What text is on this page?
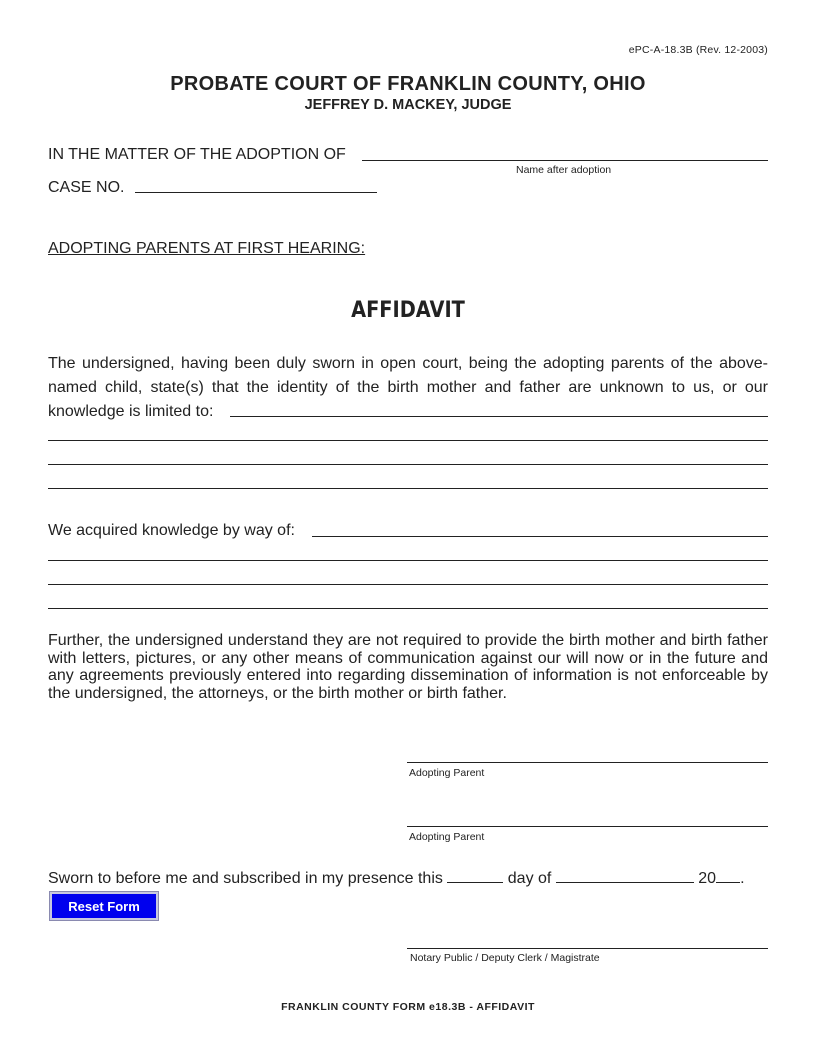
ePC-A-18.3B (Rev. 12-2003)
PROBATE COURT OF FRANKLIN COUNTY, OHIO
JEFFREY D. MACKEY, JUDGE
IN THE MATTER OF THE ADOPTION OF
Name after adoption
CASE NO.
ADOPTING PARENTS AT FIRST HEARING:
AFFIDAVIT
The undersigned, having been duly sworn in open court, being the adopting parents of the above-named child, state(s) that the identity of the birth mother and father are unknown to us, or our knowledge is limited to:
We acquired knowledge by way of:
Further, the undersigned understand they are not required to provide the birth mother and birth father with letters, pictures, or any other means of communication against our will now or in the future and any agreements previously entered into regarding dissemination of information is not enforceable by the undersigned, the attorneys, or the birth mother or birth father.
Adopting Parent
Adopting Parent
Sworn to before me and subscribed in my presence this	day of	20 .
Reset Form
Notary Public / Deputy Clerk / Magistrate
FRANKLIN COUNTY FORM e18.3B - AFFIDAVIT
